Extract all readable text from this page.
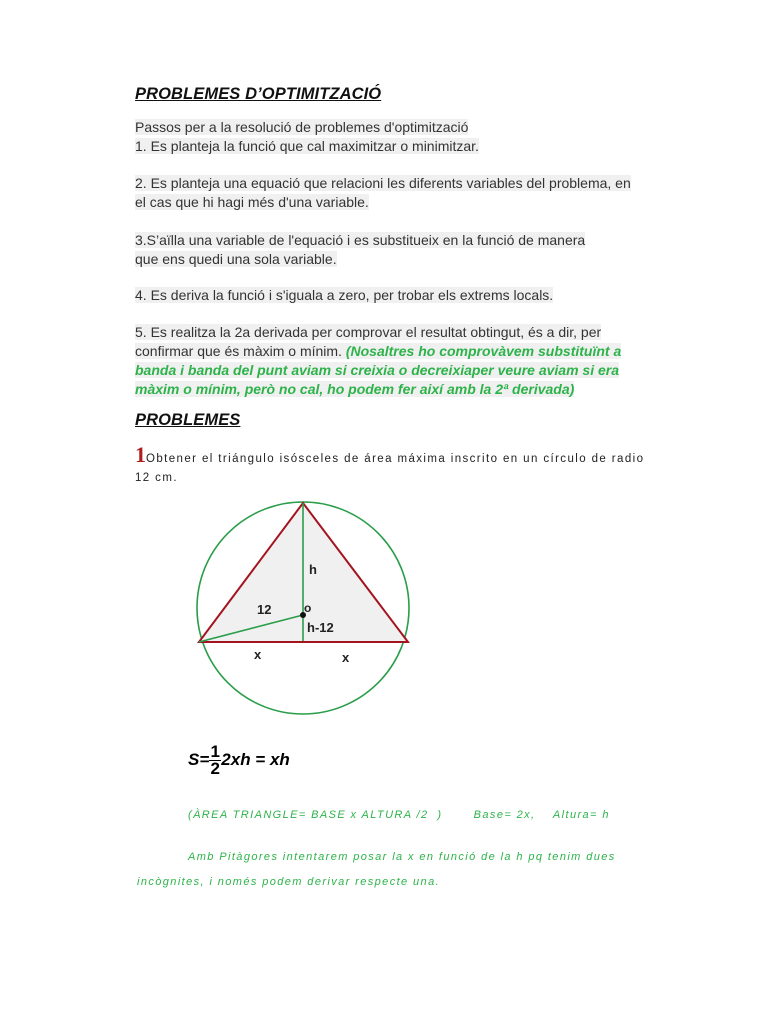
PROBLEMES D’OPTIMITZACIÓ
Passos per a la resolució de problemes d'optimització
1. Es planteja la funció que cal maximitzar o minimitzar.
2. Es planteja una equació que relacioni les diferents variables del problema, en
el cas que hi hagi més d'una variable.
3.S’aïlla una variable de l'equació i es substitueix en la funció de manera
que ens quedi una sola variable.
4. Es deriva la funció i s'iguala a zero, per trobar els extrems locals.
5. Es realitza la 2a derivada per comprovar el resultat obtingut, és a dir, per
confirmar que és màxim o mínim. (Nosaltres ho comprovàvem substituïnt a
banda i banda del punt aviam si creixia o decreixiaper veure aviam si era
màxim o mínim, però no cal, ho podem fer així amb la 2ª derivada)
PROBLEMES
1Obtener el triángulo isósceles de área máxima inscrito en un círculo de radio
12 cm.
h
12	o
h-12
x	x
$S= \frac{1}{2} 2xh$ = xh
(ÀREA TRIANGLE= BASE x ALTURA /2  )       Base= 2x,    Altura= h
Amb Pitàgores intentarem posar la x en funció de la h pq tenim dues
incògnites, i només podem derivar respecte una.
